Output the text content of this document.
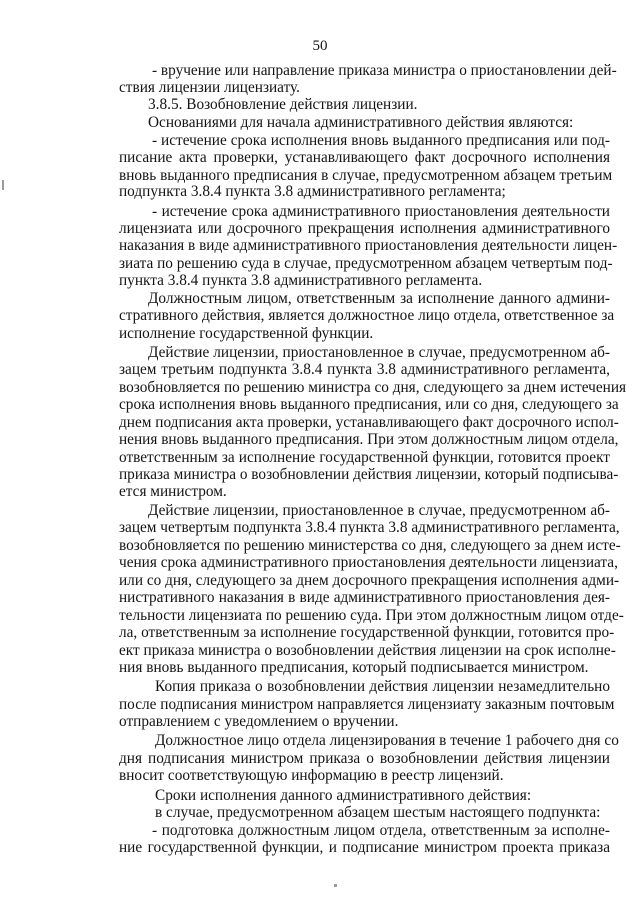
50
- вручение или направление приказа министра о приостановлении дей-
ствия лицензии лицензиату.
3.8.5. Возобновление действия лицензии.
Основаниями для начала административного действия являются:
- истечение срока исполнения вновь выданного предписания или под-
писание акта проверки, устанавливающего факт досрочного исполнения
вновь выданного предписания в случае, предусмотренном абзацем третьим
подпункта 3.8.4 пункта 3.8 административного регламента;
- истечение срока административного приостановления деятельности
лицензиата или досрочного прекращения исполнения административного
наказания в виде административного приостановления деятельности лицен-
зиата по решению суда в случае, предусмотренном абзацем четвертым под-
пункта 3.8.4 пункта 3.8 административного регламента.
Должностным лицом, ответственным за исполнение данного админи-
стративного действия, является должностное лицо отдела, ответственное за
исполнение государственной функции.
Действие лицензии, приостановленное в случае, предусмотренном аб-
зацем третьим подпункта 3.8.4 пункта 3.8 административного регламента,
возобновляется по решению министра со дня, следующего за днем истечения
срока исполнения вновь выданного предписания, или со дня, следующего за
днем подписания акта проверки, устанавливающего факт досрочного испол-
нения вновь выданного предписания. При этом должностным лицом отдела,
ответственным за исполнение государственной функции, готовится проект
приказа министра о возобновлении действия лицензии, который подписыва-
ется министром.
Действие лицензии, приостановленное в случае, предусмотренном аб-
зацем четвертым подпункта 3.8.4 пункта 3.8 административного регламента,
возобновляется по решению министерства со дня, следующего за днем исте-
чения срока административного приостановления деятельности лицензиата,
или со дня, следующего за днем досрочного прекращения исполнения адми-
нистративного наказания в виде административного приостановления дея-
тельности лицензиата по решению суда. При этом должностным лицом отде-
ла, ответственным за исполнение государственной функции, готовится про-
ект приказа министра о возобновлении действия лицензии на срок исполне-
ния вновь выданного предписания, который подписывается министром.
Копия приказа о возобновлении действия лицензии незамедлительно
после подписания министром направляется лицензиату заказным почтовым
отправлением с уведомлением о вручении.
Должностное лицо отдела лицензирования в течение 1 рабочего дня со
дня подписания министром приказа о возобновлении действия лицензии
вносит соответствующую информацию в реестр лицензий.
Сроки исполнения данного административного действия:
в случае, предусмотренном абзацем шестым настоящего подпункта:
- подготовка должностным лицом отдела, ответственным за исполне-
ние государственной функции, и подписание министром проекта приказа
